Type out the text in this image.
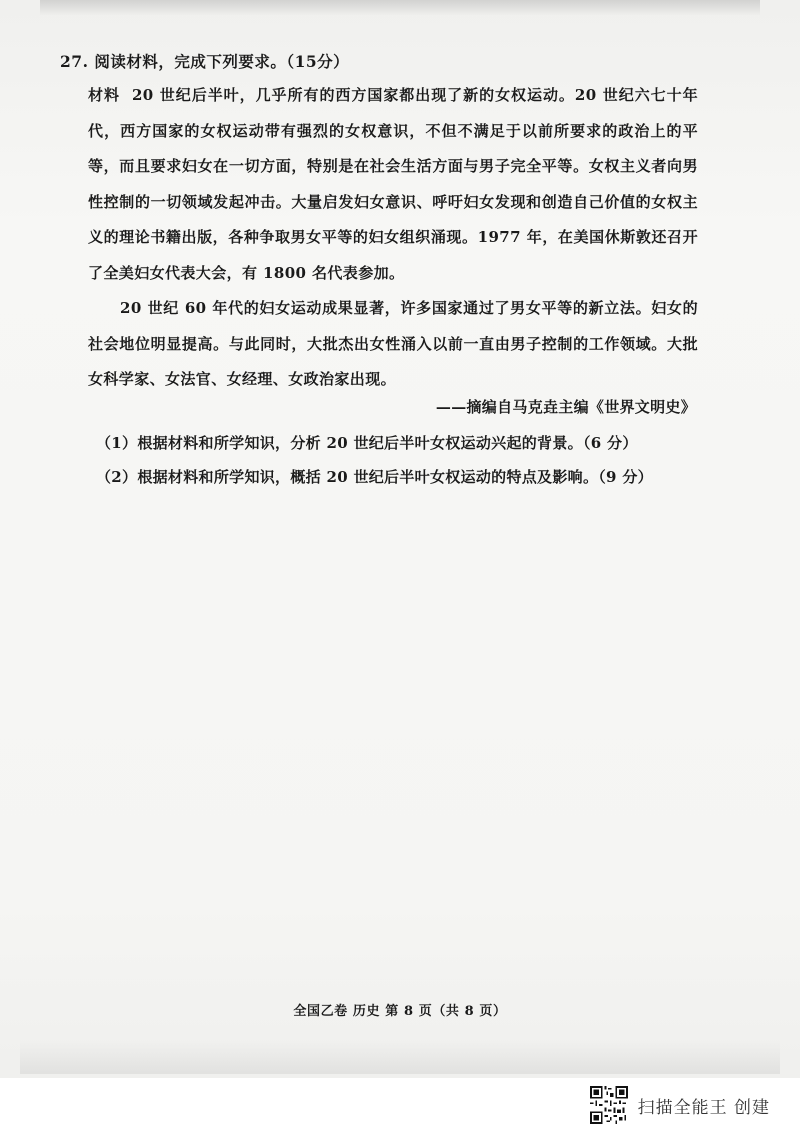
27. 阅读材料，完成下列要求。（15分）

材料 20 世纪后半叶，几乎所有的西方国家都出现了新的女权运动。20 世纪六七十年代，西方国家的女权运动带有强烈的女权意识，不但不满足于以前所要求的政治上的平等，而且要求妇女在一切方面，特别是在社会生活方面与男子完全平等。女权主义者向男性控制的一切领域发起冲击。大量启发妇女意识、呼吁妇女发现和创造自己价值的女权主义的理论书籍出版，各种争取男女平等的妇女组织涌现。1977 年，在美国休斯敦还召开了全美妇女代表大会，有 1800 名代表参加。

20 世纪 60 年代的妇女运动成果显著，许多国家通过了男女平等的新立法。妇女的社会地位明显提高。与此同时，大批杰出女性涌入以前一直由男子控制的工作领域。大批女科学家、女法官、女经理、女政治家出现。

——摘编自马克垚主编《世界文明史》
（1）根据材料和所学知识，分析 20 世纪后半叶女权运动兴起的背景。（6 分）
（2）根据材料和所学知识，概括 20 世纪后半叶女权运动的特点及影响。（9 分）
全国乙卷 历史 第 8 页（共 8 页）
扫描全能王 创建
